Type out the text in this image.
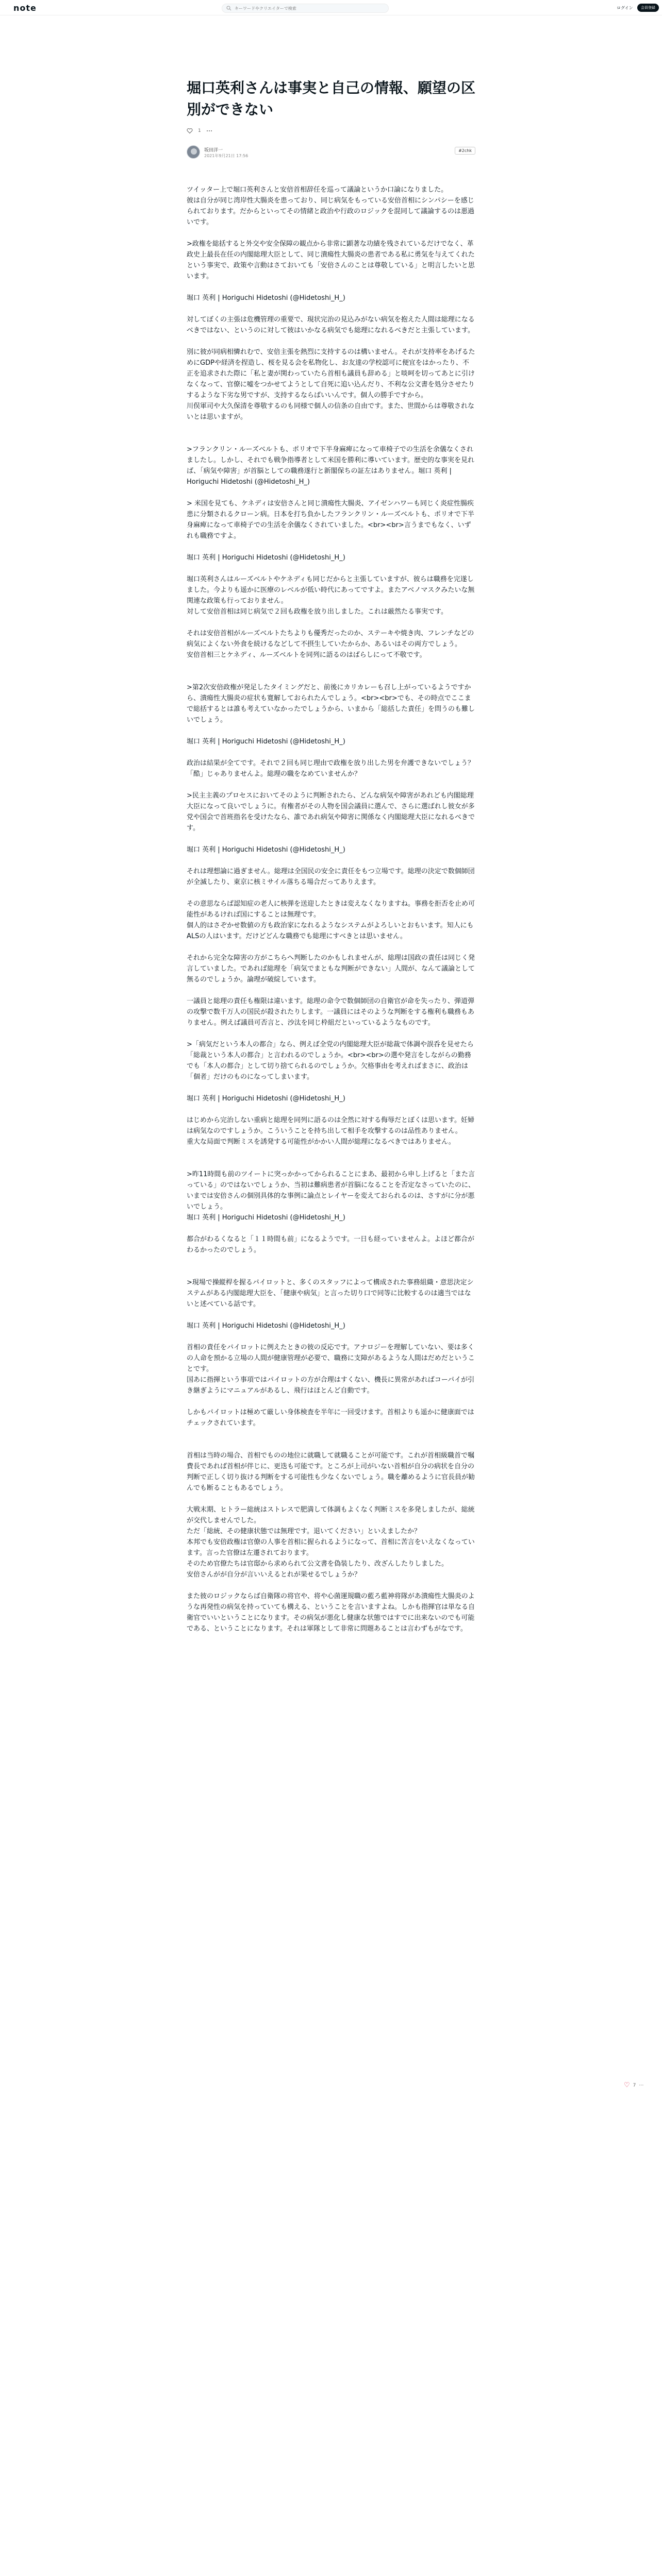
note
キーワードやクリエイターで検索	ログイン	会員登録
堀口英利さんは事実と自己の情報、願望の区別ができない
1
坂田洋一
2021年9月21日 17:56
#2chk

ツイッター上で堀口英利さんと安倍首相辞任を巡って議論というか口論になりました。
彼は自分が同じ湾岸性大腸炎を患っており、同じ病気をもっている安倍首相にシンパシーを感じられております。だからといってその情緒と政治や行政のロジックを混同して議論するのは悪過いです。

>政権を総括すると外交や安全保障の観点から非常に顕著な功績を残されているだけでなく、革政史上最長在任の内閣総理大臣として、同じ潰瘍性大腸炎の患者である私に勇気を与えてくれたという事実で、政策や言動はさておいても「安倍さんのことは尊敬している」と明言したいと思います。

堀口 英利 | Horiguchi Hidetoshi (@Hidetoshi_H_)

対してぼくの主張は危機管理の重要で、現状完治の見込みがない病気を抱えた人間は総理になるべきではない、というのに対して彼はいかなる病気でも総理になれるべきだと主張しています。

別に彼が同病相憐れむで、安倍主張を熱烈に支持するのは構いません。それが支持率をあげるためにGDPや経済を捏造し、桜を見る会を私物化し、お友達の学校認可に便宜をはかったり、不正を追求された際に「私と妻が関わっていたら首相も議員も辞める」と啖呵を切ってあとに引けなくなって、官僚に嘘をつかせてようとして自死に追い込んだり、不利な公文書を処分させたりするような下劣な男ですが、支持するならばいいんです。個人の勝手ですから。
川俣軍司や大久保清を尊敬するのも同様で個人の信条の自由です。また、世間からは尊敬されないとは思いますが。

>フランクリン・ルーズベルトも、ポリオで下半身麻痺になって車椅子での生活を余儀なくされましたし。しかし、それでも戦争指導者として米国を勝利に導いています。歴史的な事実を見れば、「病気や障害」が首脳としての職務遂行と新閣保ちの証左はありません。堀口 英利 | Horiguchi Hidetoshi (@Hidetoshi_H_)

> 米国を見ても、ケネディは安倍さんと同じ潰瘍性大腸炎、アイゼンハワーも同じく炎症性腸疾患に分類されるクローン病。日本を打ち負かしたフランクリン・ルーズベルトも、ポリオで下半身麻痺になって車椅子での生活を余儀なくされていました。<br><br>言うまでもなく、いずれも職務ですよ。

堀口 英利 | Horiguchi Hidetoshi (@Hidetoshi_H_)

堀口英利さんはルーズベルトやケネディも同じだからと主張していますが、彼らは職務を完遂しました。今よりも遥かに医療のレベルが低い時代にあってですよ。またアベノマスクみたいな無関連な政策も行っておりません。
対して安倍首相は同じ病気で２回も政権を放り出しました。これは厳然たる事実です。

それは安倍首相がルーズベルトたちよりも優秀だったのか、ステーキや焼き肉、フレンチなどの病気によくない外食を続けるなどして不摂生していたからか、あるいはその両方でしょう。
安倍首相三とケネディ、ルーズベルトを同列に語るのはばらしにって不敬です。

>第2次安倍政権が発足したタイミングだと、前後にカリカレーも召し上がっているようですから、潰瘍性大腸炎の症状も寛解しておられたんでしょう。<br><br>でも、その時点でここまで総括するとは誰も考えていなかったでしょうから、いまから「総括した責任」を問うのも難しいでしょう。

堀口 英利 | Horiguchi Hidetoshi (@Hidetoshi_H_)

政治は結果が全てです。それで２回も同じ理由で政権を放り出した男を弁護できないでしょう？「酷」じゃありませんよ。総理の職をなめていませんか？

>民主主義のプロセスにおいてそのように判断されたら、どんな病気や障害があれども内閣総理大臣になって良いでしょうに。有権者がその人物を国会議員に選んで、さらに選ばれし彼女が多党や国会で首班指名を受けたなら、誰であれ病気や障害に関係なく内閣総理大臣になれるべきです。

堀口 英利 | Horiguchi Hidetoshi (@Hidetoshi_H_)

それは理想論に過ぎません。総理は全国民の安全に責任をもつ立場です。総理の決定で数個師団が全滅したり、東京に核ミサイル落ちる場合だってありえます。

その意思ならば認知症の老人に核弾を送迎したときは変えなくなりますね。事務を拒否を止め可能性があるければ国にすることは無理です。
個人的はさぞかせ数値の方も政治家になれるようなシステムがよろしいとおもいます。知人にもALSの人はいます。だけどどんな職務でも総理にすべきとは思いません。

それから完全な障害の方がこちらへ判断したのかもしれませんが、総理は国政の責任は同じく発言していました。であれば総理を「病気でまともな判断ができない」人間が、なんて議論として無るのでしょうか。論理が破綻しています。

一議員と総理の責任も権限は違います。総理の命令で数個師団の自衛官が命を失ったり、弾道弾の攻撃で数千万人の国民が殺されたりします。一議員にはそのような判断をする権利も職務もありません。例えば議員可否言と、沙汰を同じ枠組だといっているようなものです。

>「病気だという本人の都合」なら、例えば全党の内閣総理大臣が総裁で体調や誤呑を見せたら「総裁という本人の都合」と言われるのでしょうか。<br><br>の選や発言をしながらの勤務でも「本人の都合」として切り捨てられるのでしょうか。欠格事由を考えればまさに、政治は「個者」だけのものになってしまいます。

堀口 英利 | Horiguchi Hidetoshi (@Hidetoshi_H_)

はじめから完治しない重病と総理を同列に語るのは全然に対する侮辱だとぼくは思います。妊婦は病気なのですしょうか。こういうことを持ち出して相手を攻撃するのは品性ありません。
重大な局面で判断ミスを誘発する可能性がかかい人間が総理になるべきではありません。

>昨11時間も前のツイートに突っかかってかられることにまあ、最初から申し上げると「また言っている」のではないでしょうか、当初は難病患者が首脳になることを否定なさっていたのに、いまでは安倍さんの個別具体的な事例に論点とレイヤーを変えておられるのは、さすがに分が悪いでしょう。
堀口 英利 | Horiguchi Hidetoshi (@Hidetoshi_H_)

都合がわるくなると「１１時間も前」になるようです。一日も経っていませんよ。よほど都合がわるかったのでしょう。

>現場で操縦桿を握るパイロットと、多くのスタッフによって構成された事務組織・意思決定システムがある内閣総理大臣を、「健康や病気」と言った切り口で同等に比較するのは適当ではないと述べている話です。

堀口 英利 | Horiguchi Hidetoshi (@Hidetoshi_H_)

首相の責任をパイロットに例えたときの彼の反応です。アナロジーを理解していない、要は多くの人命を預かる立場の人間が健康管理が必要で、職務に支障があるような人間はだめだということです。
国あに指揮という事項ではパイロットの方が合理はすくない、機長に異常があればコーパイが引き継ぎようにマニュアルがあるし、飛行はほとんど自動です。

しかもパイロットは極めて厳しい身体検査を半年に一回受けます。首相よりも遥かに健康面ではチェックされています。

首相は当時の場合、首相でものの地位に就職して就職ることが可能です。これが首相級職首で嘱費長であれば首相が伴じに、更迭も可能です。ところが上司がいない首相が自分の病状を自分の判断で正しく切り抜ける判断をする可能性も少なくないでしょう。職を離めるように官長員が勧んでも断ることもあるでしょう。

大戦末期、ヒトラー総統はストレスで肥満して体調もよくなく判断ミスを多発しましたが、総統が交代しませんでした。
ただ「総統、その健康状態では無理です。退いてください」といえましたか？
本邦でも安倍政権は官僚の人事を首相に握られるようになって、首相に苦言をいえなくなっています。言った官僚は左遷されております。
そのため官僚たちは官邸から求められて公文書を偽装したり、改ざんしたりしました。
安倍さんがが自分が言いいえるとれが果せるでしょうか？

また彼のロジックならば自衛隊の将官や、将や心菌運規職の藍ろ藍神将隊があ潰瘍性大腸炎のような再発性の病気を持っていても構える、ということを言いますよね。しかも指揮官は単なる自衛官でいいということになります。その病気が悪化し健康な状態ではすでに出来ないのでも可能である、ということになります。それは軍隊として非常に問題あることは言わずもがなです。

♡ 7 ⋯
